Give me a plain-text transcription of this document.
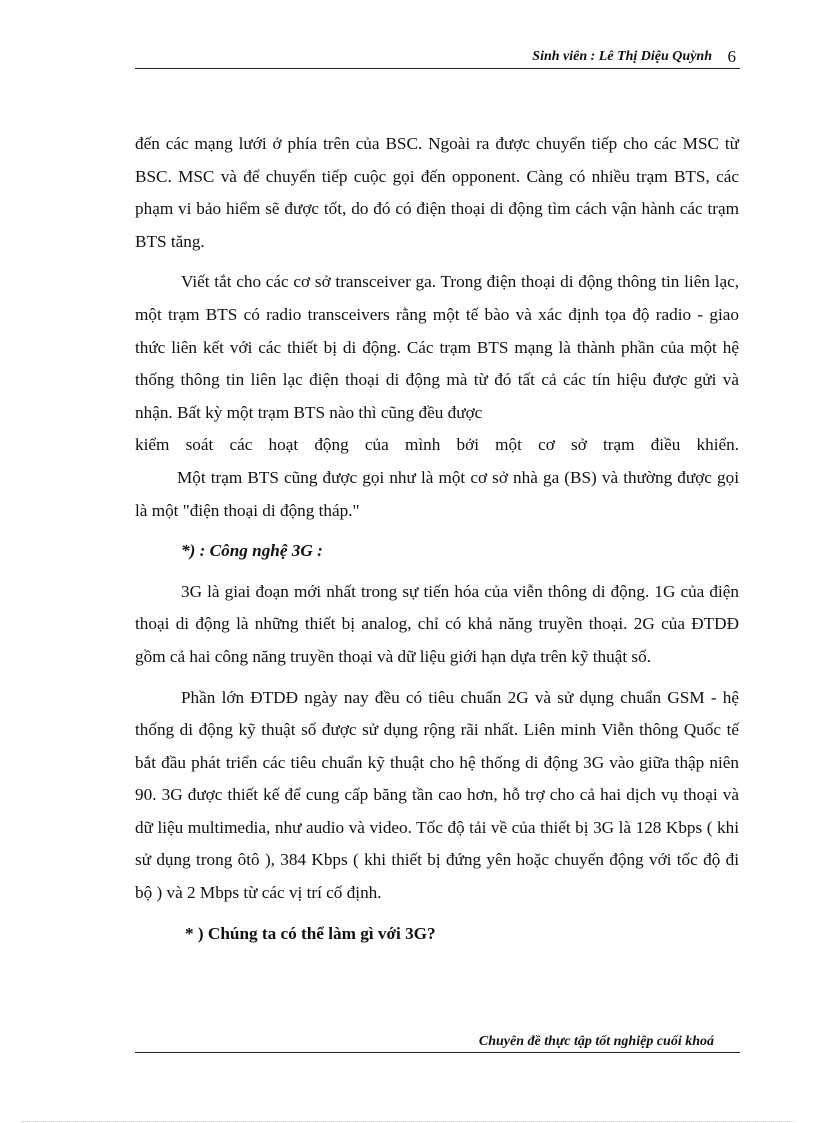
Sinh viên : Lê Thị Diệu Quỳnh 6

đến các mạng lưới ở phía trên của BSC. Ngoài ra được chuyển tiếp cho các MSC từ BSC. MSC và để chuyển tiếp cuộc gọi đến opponent. Càng có nhiều trạm BTS, các phạm vi bảo hiểm sẽ được tốt, do đó có điện thoại di động tìm cách vận hành các trạm BTS tăng.

Viết tắt cho các cơ sở transceiver ga. Trong điện thoại di động thông tin liên lạc, một trạm BTS có radio transceivers rằng một tế bào và xác định tọa độ radio - giao thức liên kết với các thiết bị di động. Các trạm BTS mạng là thành phần của một hệ thống thông tin liên lạc điện thoại di động mà từ đó tất cả các tín hiệu được gửi và nhận. Bất kỳ một trạm BTS nào thì cũng đều được

kiểm soát các hoạt động của mình bởi một cơ sở trạm điều khiển.

Một trạm BTS cũng được gọi như là một cơ sở nhà ga (BS) và thường được gọi là một "điện thoại di động tháp."

*) : Công nghệ 3G :

3G là giai đoạn mới nhất trong sự tiến hóa của viễn thông di động. 1G của điện thoại di động là những thiết bị analog, chỉ có khả năng truyền thoại. 2G của ĐTDĐ gồm cả hai công năng truyền thoại và dữ liệu giới hạn dựa trên kỹ thuật số.

Phần lớn ĐTDĐ ngày nay đều có tiêu chuẩn 2G và sử dụng chuẩn GSM - hệ thống di động kỹ thuật số được sử dụng rộng rãi nhất. Liên minh Viễn thông Quốc tế bắt đầu phát triển các tiêu chuẩn kỹ thuật cho hệ thống di động 3G vào giữa thập niên 90. 3G được thiết kế để cung cấp băng tần cao hơn, hỗ trợ cho cả hai dịch vụ thoại và dữ liệu multimedia, như audio và video. Tốc độ tải về của thiết bị 3G là 128 Kbps ( khi sử dụng trong ôtô ), 384 Kbps ( khi thiết bị đứng yên hoặc chuyển động với tốc độ đi bộ ) và 2 Mbps từ các vị trí cố định.

* ) Chúng ta có thể làm gì với 3G?

Chuyên đề thực tập tốt nghiệp cuối khoá
